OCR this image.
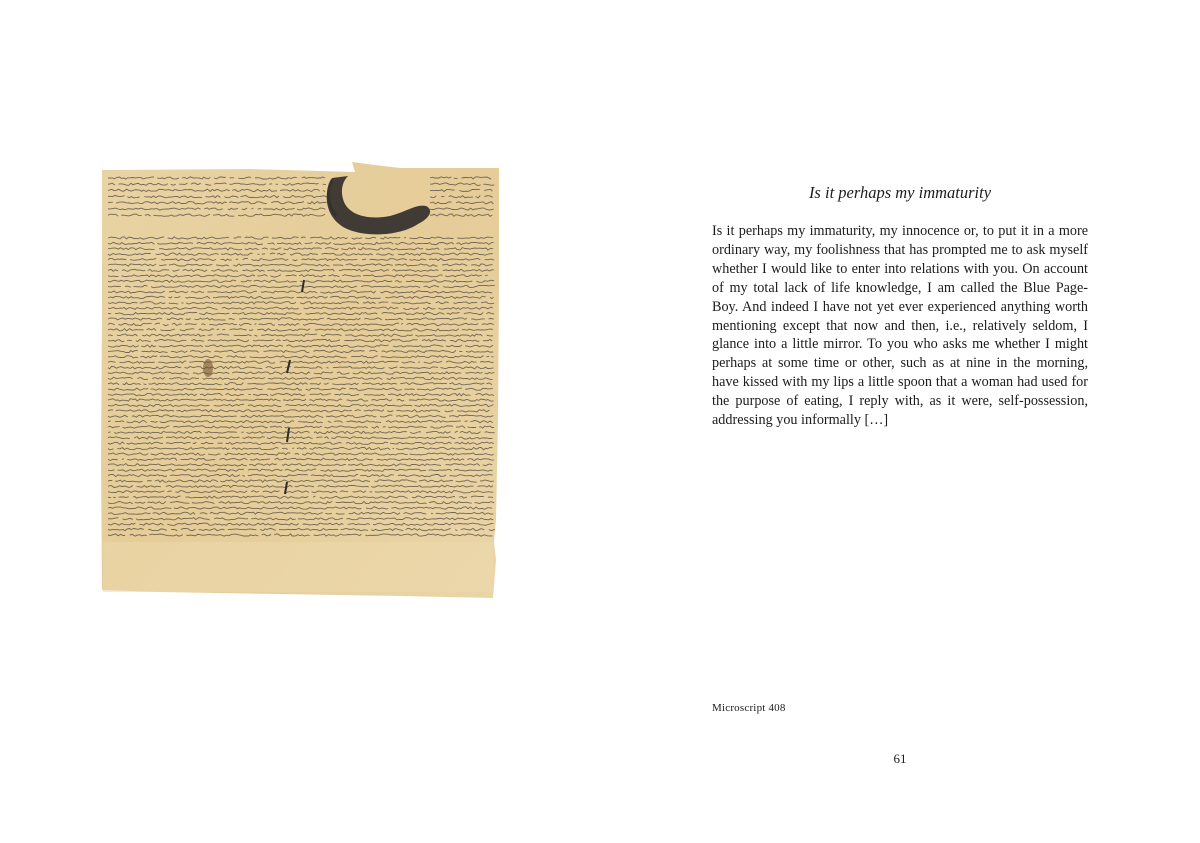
Is it perhaps my immaturity

Is it perhaps my immaturity, my innocence or, to put it in a more ordinary way, my foolishness that has prompted me to ask myself whether I would like to enter into relations with you. On account of my total lack of life knowledge, I am called the Blue Page-Boy. And indeed I have not yet ever experienced anything worth mentioning except that now and then, i.e., relatively seldom, I glance into a little mirror. To you who asks me whether I might perhaps at some time or other, such as at nine in the morning, have kissed with my lips a little spoon that a woman had used for the purpose of eating, I reply with, as it were, self-possession, addressing you informally […]

Microscript 408
61
